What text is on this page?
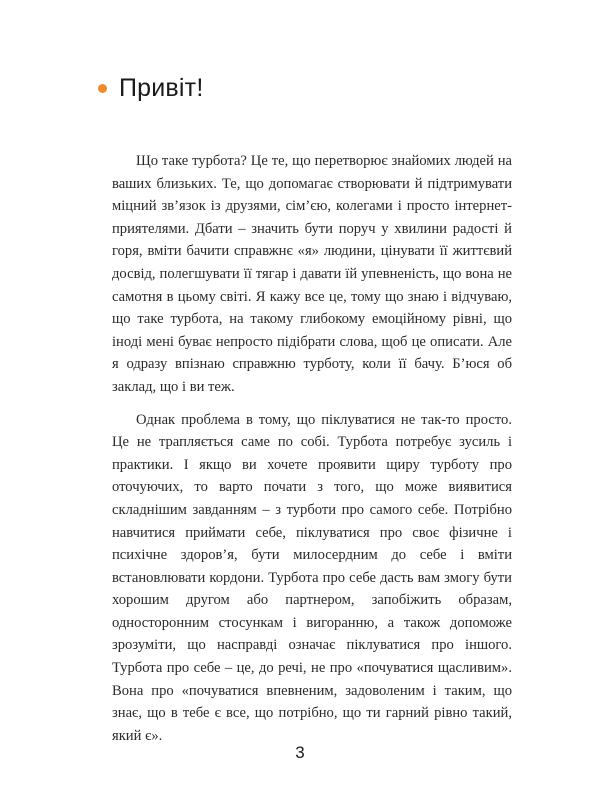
Привіт!

Що таке турбота? Це те, що перетворює знайомих людей на ваших близьких. Те, що допомагає створювати й підтримувати міцний зв’язок із друзями, сім’єю, колегами і просто інтернет-приятелями. Дбати – значить бути поруч у хвилини радості й горя, вміти бачити справжнє «я» людини, цінувати її життєвий досвід, полегшувати її тягар і давати їй упевненість, що вона не самотня в цьому світі. Я кажу все це, тому що знаю і відчуваю, що таке турбота, на такому глибокому емоційному рівні, що іноді мені буває непросто підібрати слова, щоб це описати. Але я одразу впізнаю справжню турботу, коли її бачу. Б’юся об заклад, що і ви теж.

Однак проблема в тому, що піклуватися не так-то просто. Це не трапляється саме по собі. Турбота потребує зусиль і практики. І якщо ви хочете проявити щиру турботу про оточуючих, то варто почати з того, що може виявитися складнішим завданням – з турботи про самого себе. Потрібно навчитися приймати себе, піклуватися про своє фізичне і психічне здоров’я, бути милосердним до себе і вміти встановлювати кордони. Турбота про себе дасть вам змогу бути хорошим другом або партнером, запобіжить образам, односторонним стосункам і вигоранню, а також допоможе зрозуміти, що насправді означає піклуватися про іншого. Турбота про себе – це, до речі, не про «почуватися щасливим». Вона про «почуватися впевненим, задоволеним і таким, що знає, що в тебе є все, що потрібно, що ти гарний рівно такий, який є».

3
